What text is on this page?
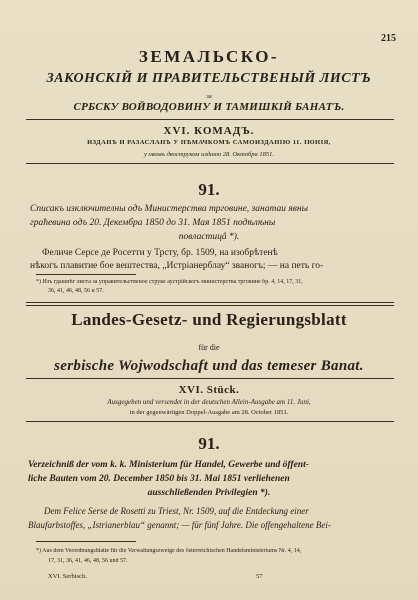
215
ЗЕМАЛЬСКО-
ЗАКОНСКІЙ И ПРАВИТЕЛЬСТВЕНЫЙ ЛИСТЪ
за
СРБСКУ ВОЙВОДОВИНУ И ТАМИШКІЙ БАНАТЪ.
XVI. КОМАДЪ.
ИЗДАНЪ И РАЗАСЛАНЪ У НѢМАЧКОМЪ САМОИЗДАНІЮ 11. ІЮНІЯ,
у овомъ двоструком изданю 28. Октобра 1851.
91.
Списакъ изключителны одъ Министерства трговине, занатаи явны
граћевина одъ 20. Декембра 1850 до 31. Мая 1851 подѣлѣны
повластицâ *).
Феличе Серсе де Росетти у Трсту, бр. 1509, на изобрѣтенѣ
нѣкогъ плавитие бое вештества, „Истріанерблау“ званогъ; — на петь го-
*) Изъ гдашнѣг листа за управительственое струке аустрійскогъ министерства трговине бр. 4, 14, 17, 31,
36, 41, 46, 48, 56 и 57.
Landes-Gesetz- und Regierungsblatt
für die
serbische Wojwodschaft und das temeser Banat.
XVI. Stück.
Ausgegeben und versendet in der deutschen Allein-Ausgabe am 11. Juni,
in der gegenwärtigen Doppel-Ausgabe am 28. October 1851.
91.
Verzeichniß der vom k. k. Ministerium für Handel, Gewerbe und öffent-
liche Bauten vom 20. December 1850 bis 31. Mai 1851 verliehenen
ausschließenden Privilegien *).
Dem Felice Serse de Rosetti zu Triest, Nr. 1509, auf die Entdeckung einer
Blaufarbstoffes, „Istrianerblau“ genannt; — für fünf Jahre. Die offengehaltene Bei-
*) Aus dem Verordnungsblatte für die Verwaltungszweige des österreichischen Handelsministeriums Nr. 4, 14,
17, 31, 36, 41, 46, 48, 56 und 57.
XVI. Serbisch.	57
